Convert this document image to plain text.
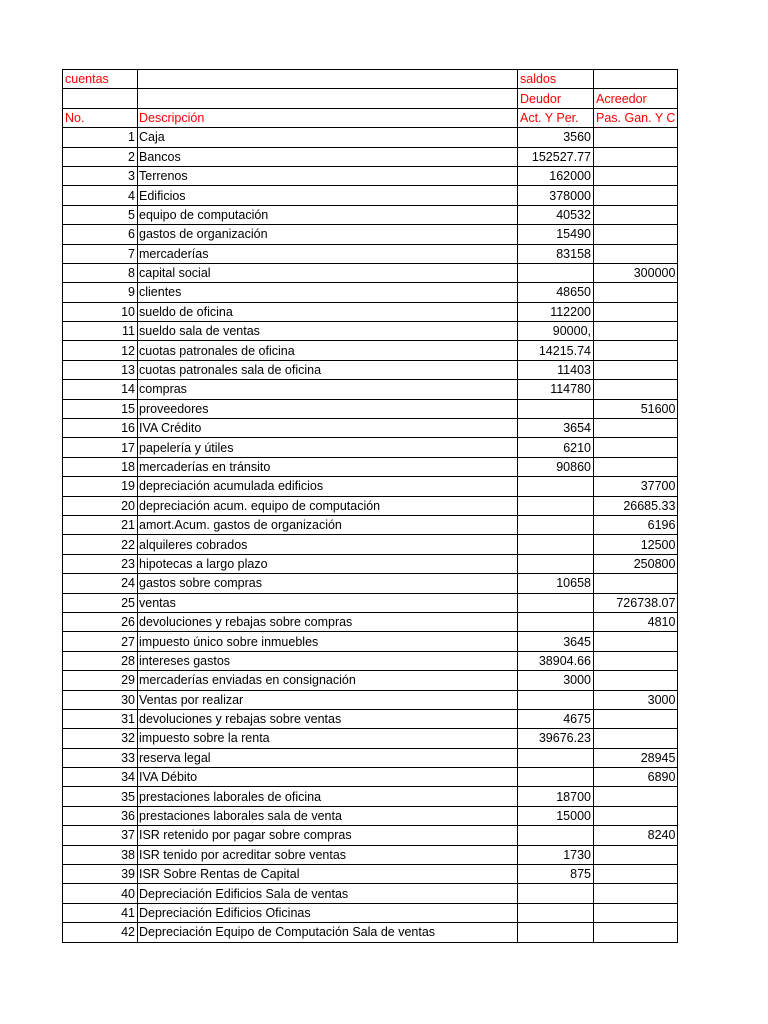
cuentas		saldos	
		Deudor	Acreedor
No.	Descripción	Act. Y Per.	Pas. Gan. Y C
1	Caja	3560	
2	Bancos	152527.77	
3	Terrenos	162000	
4	Edificios	378000	
5	equipo de computación	40532	
6	gastos de organización	15490	
7	mercaderías	83158	
8	capital social		300000
9	clientes	48650	
10	sueldo de oficina	112200	
11	sueldo sala de ventas	90000,	
12	cuotas patronales de oficina	14215.74	
13	cuotas patronales sala de oficina	11403	
14	compras	114780	
15	proveedores		51600
16	IVA Crédito	3654	
17	papelería y útiles	6210	
18	mercaderías en tránsito	90860	
19	depreciación acumulada edificios		37700
20	depreciación acum. equipo de computación		26685.33
21	amort.Acum. gastos de organización		6196
22	alquileres cobrados		12500
23	hipotecas a largo plazo		250800
24	gastos sobre compras	10658	
25	ventas		726738.07
26	devoluciones y rebajas sobre compras		4810
27	impuesto único sobre inmuebles	3645	
28	intereses gastos	38904.66	
29	mercaderías enviadas en consignación	3000	
30	Ventas por realizar		3000
31	devoluciones y rebajas sobre ventas	4675	
32	impuesto sobre la renta	39676.23	
33	reserva legal		28945
34	IVA Débito		6890
35	prestaciones laborales de oficina	18700	
36	prestaciones laborales sala de venta	15000	
37	ISR retenido por pagar sobre compras		8240
38	ISR tenido por acreditar sobre ventas	1730	
39	ISR Sobre Rentas de Capital	875	
40	Depreciación Edificios Sala de ventas		
41	Depreciación Edificios Oficinas		
42	Depreciación Equipo de Computación Sala de ventas		
